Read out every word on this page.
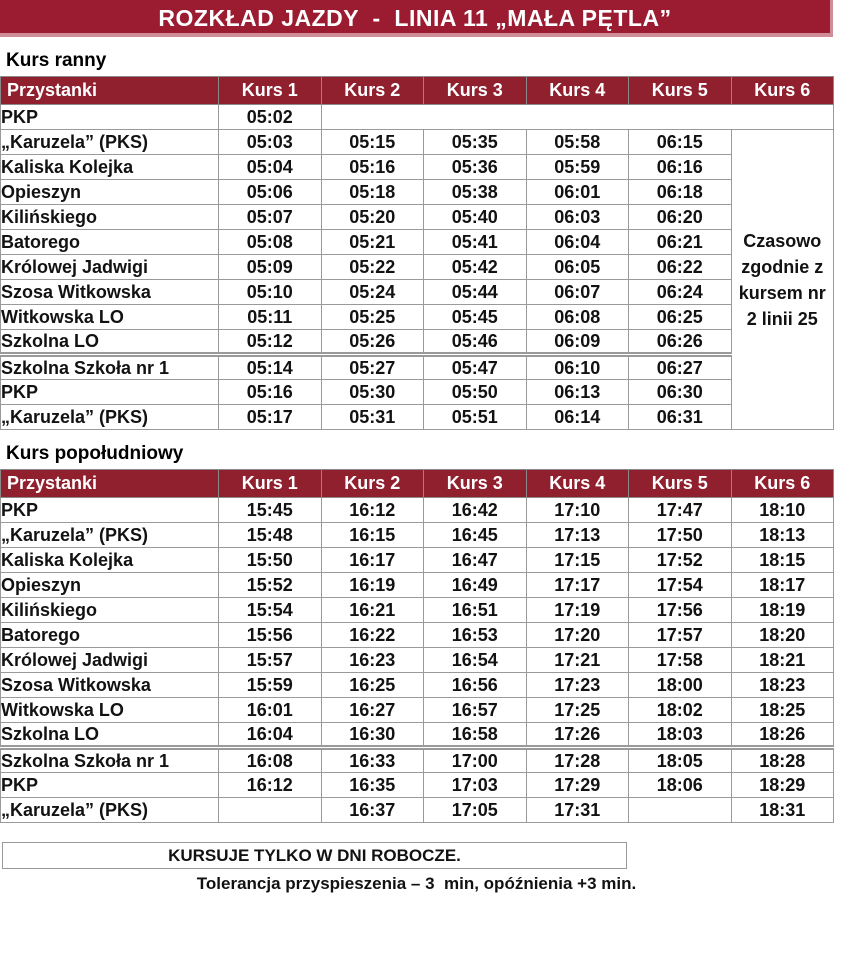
ROZKŁAD JAZDY  -  LINIA 11 „MAŁA PĘTLA”
Kurs ranny
Przystanki	Kurs 1	Kurs 2	Kurs 3	Kurs 4	Kurs 5	Kurs 6
PKP	05:02					
„Karuzela” (PKS)	05:03	05:15	05:35	05:58	06:15	Czasowo zgodnie z kursem nr 2 linii 25
Kaliska Kolejka	05:04	05:16	05:36	05:59	06:16	
Opieszyn	05:06	05:18	05:38	06:01	06:18	
Kilińskiego	05:07	05:20	05:40	06:03	06:20	
Batorego	05:08	05:21	05:41	06:04	06:21	
Królowej Jadwigi	05:09	05:22	05:42	06:05	06:22	
Szosa Witkowska	05:10	05:24	05:44	06:07	06:24	
Witkowska LO	05:11	05:25	05:45	06:08	06:25	
Szkolna LO	05:12	05:26	05:46	06:09	06:26	
Szkolna Szkoła nr 1	05:14	05:27	05:47	06:10	06:27	
PKP	05:16	05:30	05:50	06:13	06:30	
„Karuzela” (PKS)	05:17	05:31	05:51	06:14	06:31	
Kurs popołudniowy
Przystanki	Kurs 1	Kurs 2	Kurs 3	Kurs 4	Kurs 5	Kurs 6
PKP	15:45	16:12	16:42	17:10	17:47	18:10
„Karuzela” (PKS)	15:48	16:15	16:45	17:13	17:50	18:13
Kaliska Kolejka	15:50	16:17	16:47	17:15	17:52	18:15
Opieszyn	15:52	16:19	16:49	17:17	17:54	18:17
Kilińskiego	15:54	16:21	16:51	17:19	17:56	18:19
Batorego	15:56	16:22	16:53	17:20	17:57	18:20
Królowej Jadwigi	15:57	16:23	16:54	17:21	17:58	18:21
Szosa Witkowska	15:59	16:25	16:56	17:23	18:00	18:23
Witkowska LO	16:01	16:27	16:57	17:25	18:02	18:25
Szkolna LO	16:04	16:30	16:58	17:26	18:03	18:26
Szkolna Szkoła nr 1	16:08	16:33	17:00	17:28	18:05	18:28
PKP	16:12	16:35	17:03	17:29	18:06	18:29
„Karuzela” (PKS)		16:37	17:05	17:31		18:31
KURSUJE TYLKO W DNI ROBOCZE.
Tolerancja przyspieszenia – 3  min, opóźnienia +3 min.
